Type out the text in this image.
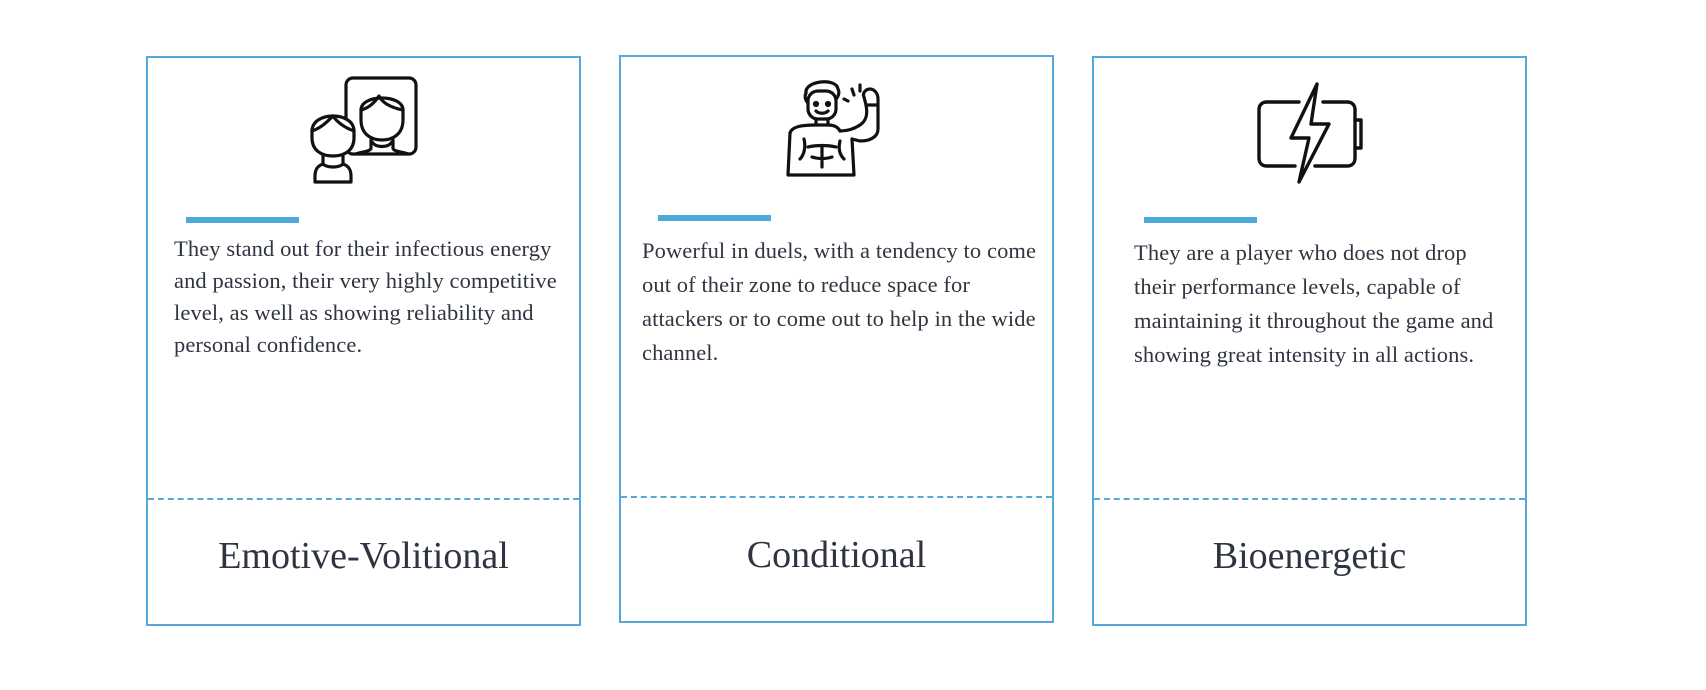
They stand out for their infectious energy and passion, their very highly competitive level, as well as showing reliability and personal confidence.

Emotive-Volitional

Powerful in duels, with a tendency to come out of their zone to reduce space for attackers or to come out to help in the wide channel.

Conditional

They are a player who does not drop their performance levels, capable of maintaining it throughout the game and showing great intensity in all actions.

Bioenergetic
